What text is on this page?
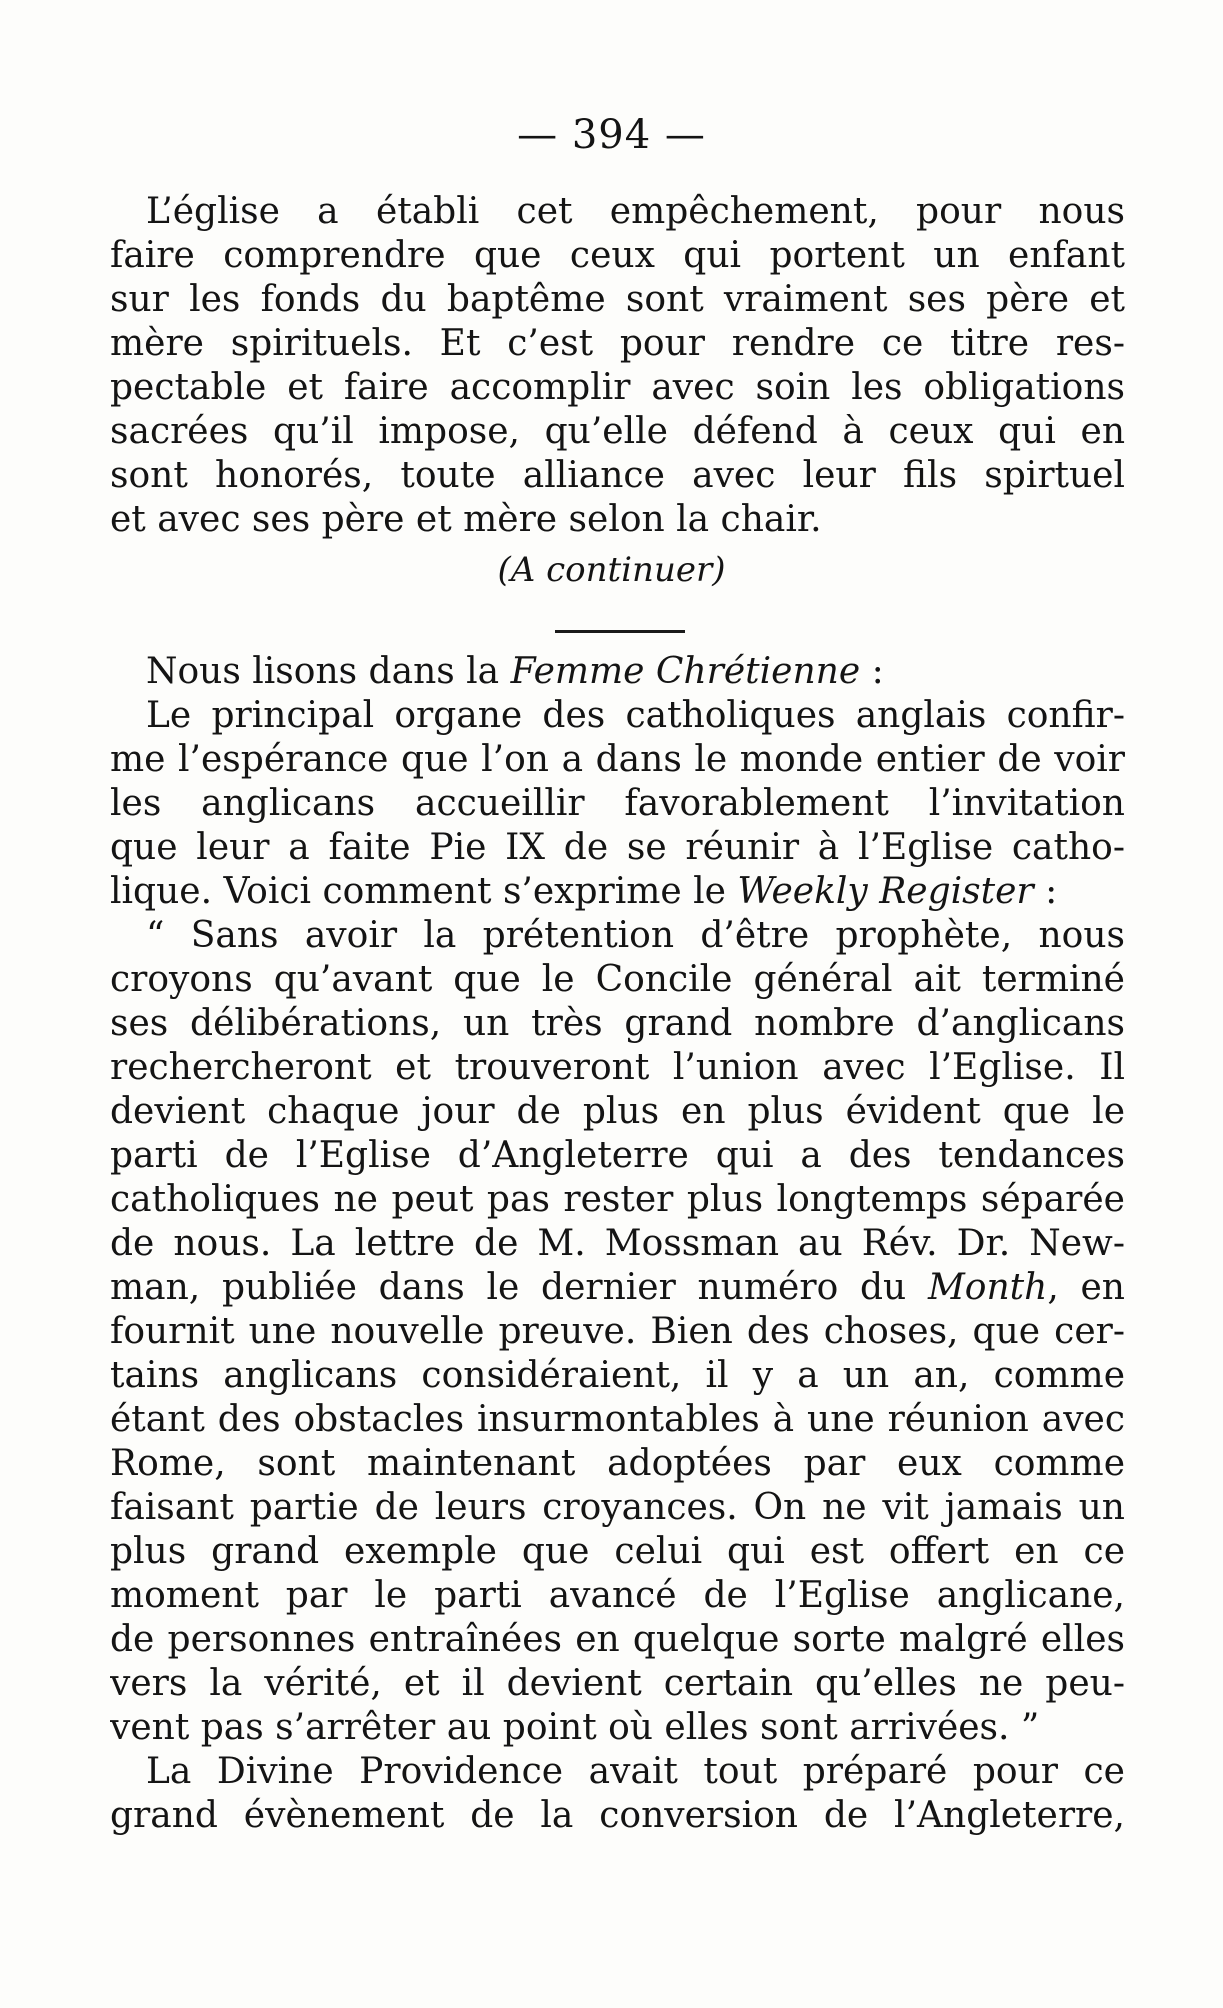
— 394 —
L’église a établi cet empêchement, pour nous
faire comprendre que ceux qui portent un enfant
sur les fonds du baptême sont vraiment ses père et
mère spirituels. Et c’est pour rendre ce titre res-
pectable et faire accomplir avec soin les obligations
sacrées qu’il impose, qu’elle défend à ceux qui en
sont honorés, toute alliance avec leur fils spirtuel
et avec ses père et mère selon la chair.
(A continuer)
Nous lisons dans la Femme Chrétienne :
Le principal organe des catholiques anglais confir-
me l’espérance que l’on a dans le monde entier de voir
les anglicans accueillir favorablement l’invitation
que leur a faite Pie IX de se réunir à l’Eglise catho-
lique. Voici comment s’exprime le Weekly Register :
“ Sans avoir la prétention d’être prophète, nous
croyons qu’avant que le Concile général ait terminé
ses délibérations, un très grand nombre d’anglicans
rechercheront et trouveront l’union avec l’Eglise. Il
devient chaque jour de plus en plus évident que le
parti de l’Eglise d’Angleterre qui a des tendances
catholiques ne peut pas rester plus longtemps séparée
de nous. La lettre de M. Mossman au Rév. Dr. New-
man, publiée dans le dernier numéro du Month, en
fournit une nouvelle preuve. Bien des choses, que cer-
tains anglicans considéraient, il y a un an, comme
étant des obstacles insurmontables à une réunion avec
Rome, sont maintenant adoptées par eux comme
faisant partie de leurs croyances. On ne vit jamais un
plus grand exemple que celui qui est offert en ce
moment par le parti avancé de l’Eglise anglicane,
de personnes entraînées en quelque sorte malgré elles
vers la vérité, et il devient certain qu’elles ne peu-
vent pas s’arrêter au point où elles sont arrivées. ”
La Divine Providence avait tout préparé pour ce
grand évènement de la conversion de l’Angleterre,
